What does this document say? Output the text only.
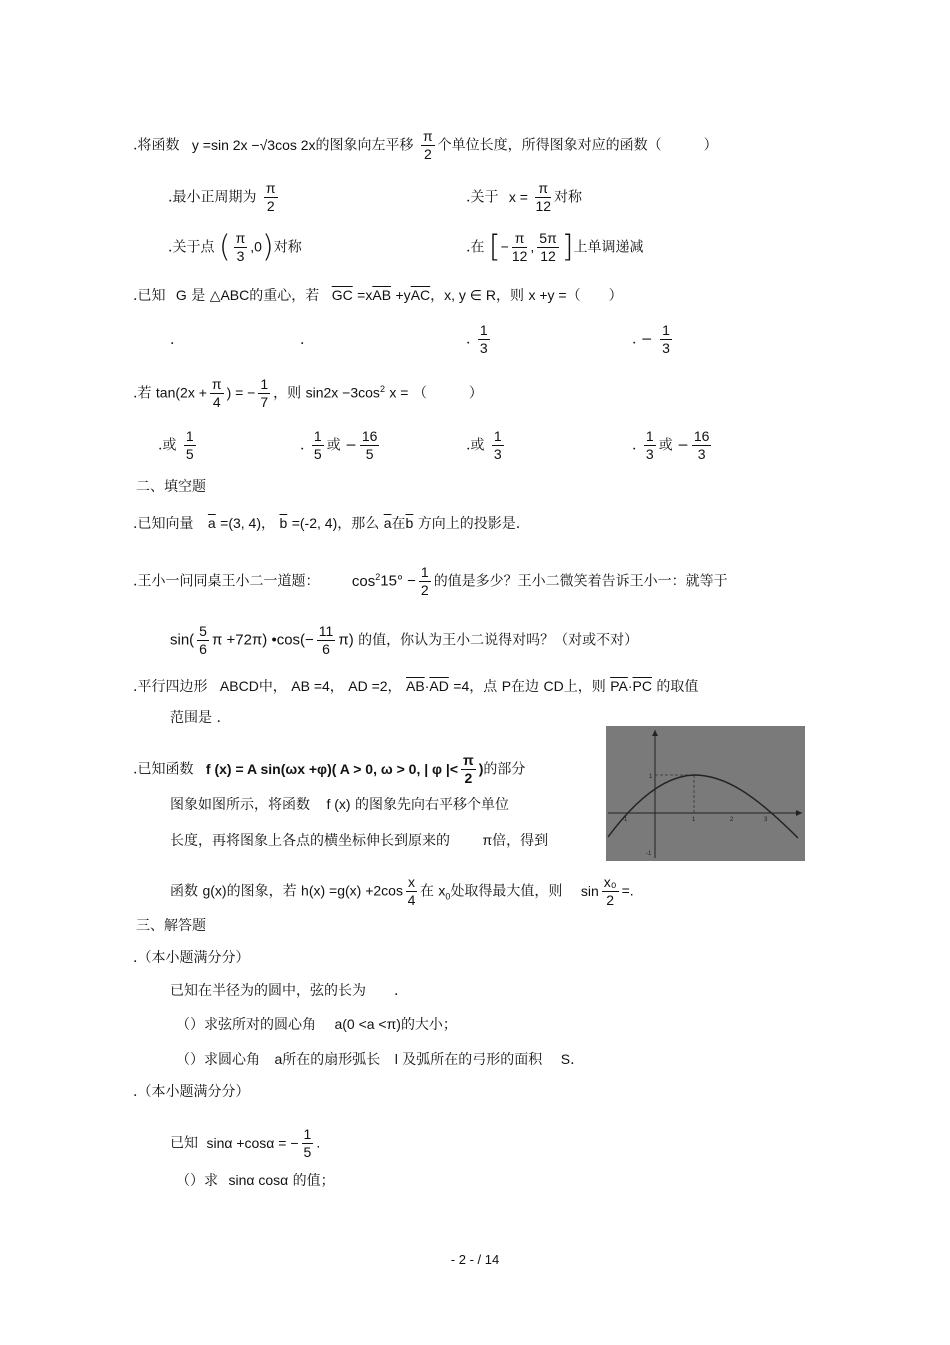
.将函数 y =sin 2x −√3cos 2x的图象向左平移 $\frac{\pi}{2}$ 个单位长度，所得图象对应的函数（　　　）
.最小正周期为 $\frac{\pi}{2}$	.关于 $x = \frac{\pi}{12}$ 对称
.关于点 ( $\frac{\pi}{3} ,0$)对称	.在 [− $\frac{\pi}{12}$ , $\frac{5\pi}{12}$ ]上单调递减
.已知 G 是 △ABC的重心，若 $\overline{GC} =x\overline{AB} +y\overline{AC}$，x, y ∈ R，则 x +y =（　　）
.	.	. $\frac{1}{3}$	. − $\frac{1}{3}$
.若 $\tan(2x + \frac{\pi}{4}$ ) = − $\frac{1}{7}$ ，则 $\sin 2x -3\cos^2$ x = （　　　）
.或 $\frac{1}{5}$	. $\frac{1}{5}$ 或 − $\frac{16}{5}$	.或 $\frac{1}{3}$	. $\frac{1}{3}$ 或 − $\frac{16}{3}$
二、填空题
.已知向量 $\overline{a} =(3$, 4)， $\overline{b} =(-2$, 4)，那么 $\overline{a}$在$\overline{b}$ 方向上的投影是.
.王小一问同桌王小二一道题： $\cos^215^\circ - \frac{1}{2}$ 的值是多少？王小二微笑着告诉王小一：就等于
$\sin( \frac{5}{6}$ π +72π) •cos(− $\frac{11}{6} \pi$) 的值，你认为王小二说得对吗？（对或不对）
.平行四边形 ABCD中， AB =4， AD =2， $\overline{AB}\cdot\overline{AD} =4$，点 P在边 CD上，则 $\overline{PA}\cdot\overline{PC}$ 的取值
范围是 .
.已知函数 f (x) = A sin(ωx +φ)( A > 0, ω > 0, | φ |< $\frac{\pi}{2}$ )的部分
图象如图所示，将函数 f (x) 的图象先向右平移个单位
长度，再将图象上各点的横坐标伸长到原来的 π倍，得到
函数 g(x)的图象，若 $h(x) =g(x) +2\cos \frac{x}{4}$ 在 $x_0$处取得最大值，则 $\sin \frac{\text{x₀}}{2}$ =.
-1	1	2	3
1
-1
三、解答题
.（本小题满分分）
已知在半径为的圆中，弦的长为　　.
（）求弦所对的圆心角 a(0 <a <π)的大小；
（）求圆心角 a所在的扇形弧长 l 及弧所在的弓形的面积 S.
.（本小题满分分）
已知 sinα +cosα = − $\frac{1}{5}$ .
（）求 sinα cosα 的值；
- 2 - / 14
